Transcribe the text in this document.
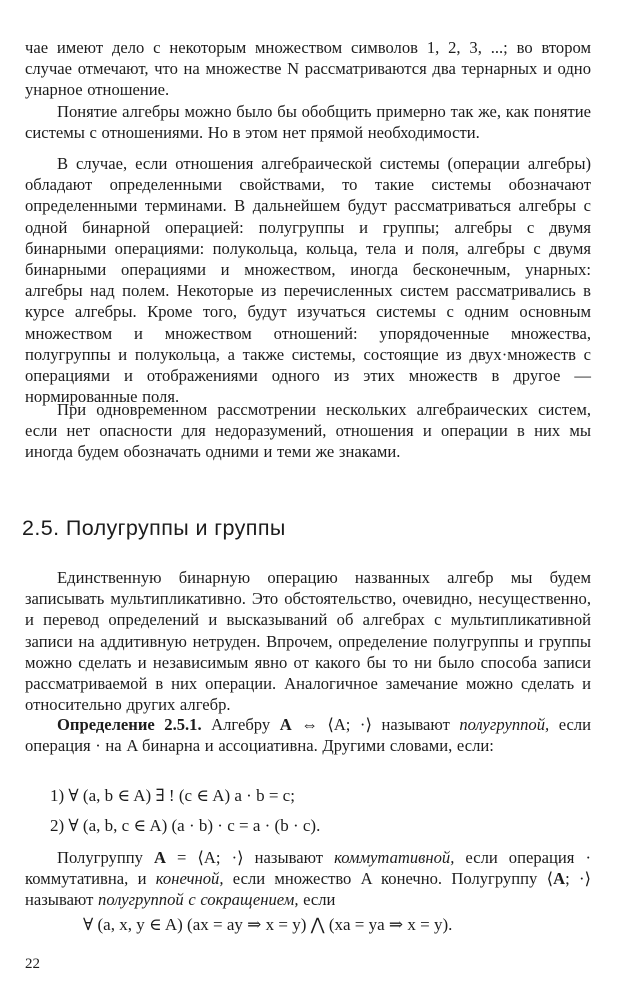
чае имеют дело с некоторым множеством символов 1, 2, 3, ...; во втором случае отмечают, что на множестве N рассматриваются два тернарных и одно унарное отношение.

Понятие алгебры можно было бы обобщить примерно так же, как понятие системы с отношениями. Но в этом нет прямой необходимости.

В случае, если отношения алгебраической системы (операции алгебры) обладают определенными свойствами, то такие системы обозначают определенными терминами. В дальнейшем будут рассматриваться алгебры с одной бинарной операцией: полугруппы и группы; алгебры с двумя бинарными операциями: полукольца, кольца, тела и поля, алгебры с двумя бинарными операциями и множеством, иногда бесконечным, унарных: алгебры над полем. Некоторые из перечисленных систем рассматривались в курсе алгебры. Кроме того, будут изучаться системы с одним основным множеством и множеством отношений: упорядоченные множества, полугруппы и полукольца, а также системы, состоящие из двух·множеств с операциями и отображениями одного из этих множеств в другое — нормированные поля.

При одновременном рассмотрении нескольких алгебраических систем, если нет опасности для недоразумений, отношения и операции в них мы иногда будем обозначать одними и теми же знаками.

2.5. Полугруппы и группы

Единственную бинарную операцию названных алгебр мы будем записывать мультипликативно. Это обстоятельство, очевидно, несущественно, и перевод определений и высказываний об алгебрах с мультипликативной записи на аддитивную нетруден. Впрочем, определение полугруппы и группы можно сделать и независимым явно от какого бы то ни было способа записи рассматриваемой в них операции. Аналогичное замечание можно сделать и относительно других алгебр.

Определение 2.5.1. Алгебру A ⇔ ⟨A; ·⟩ называют полугруппой, если операция · на A бинарна и ассоциативна. Другими словами, если:

1) ∀ (a, b ∈ A) ∃ ! (c ∈ A) a · b = c;

2) ∀ (a, b, c ∈ A) (a · b) · c = a · (b · c).

Полугруппу A = ⟨A; ·⟩ называют коммутативной, если операция · коммутативна, и конечной, если множество A конечно. Полугруппу ⟨A; ·⟩ называют полугруппой с сокращением, если

∀ (a, x, y ∈ A) (ax = ay ⇒ x = y) ⋀ (xa = ya ⇒ x = y).

22
